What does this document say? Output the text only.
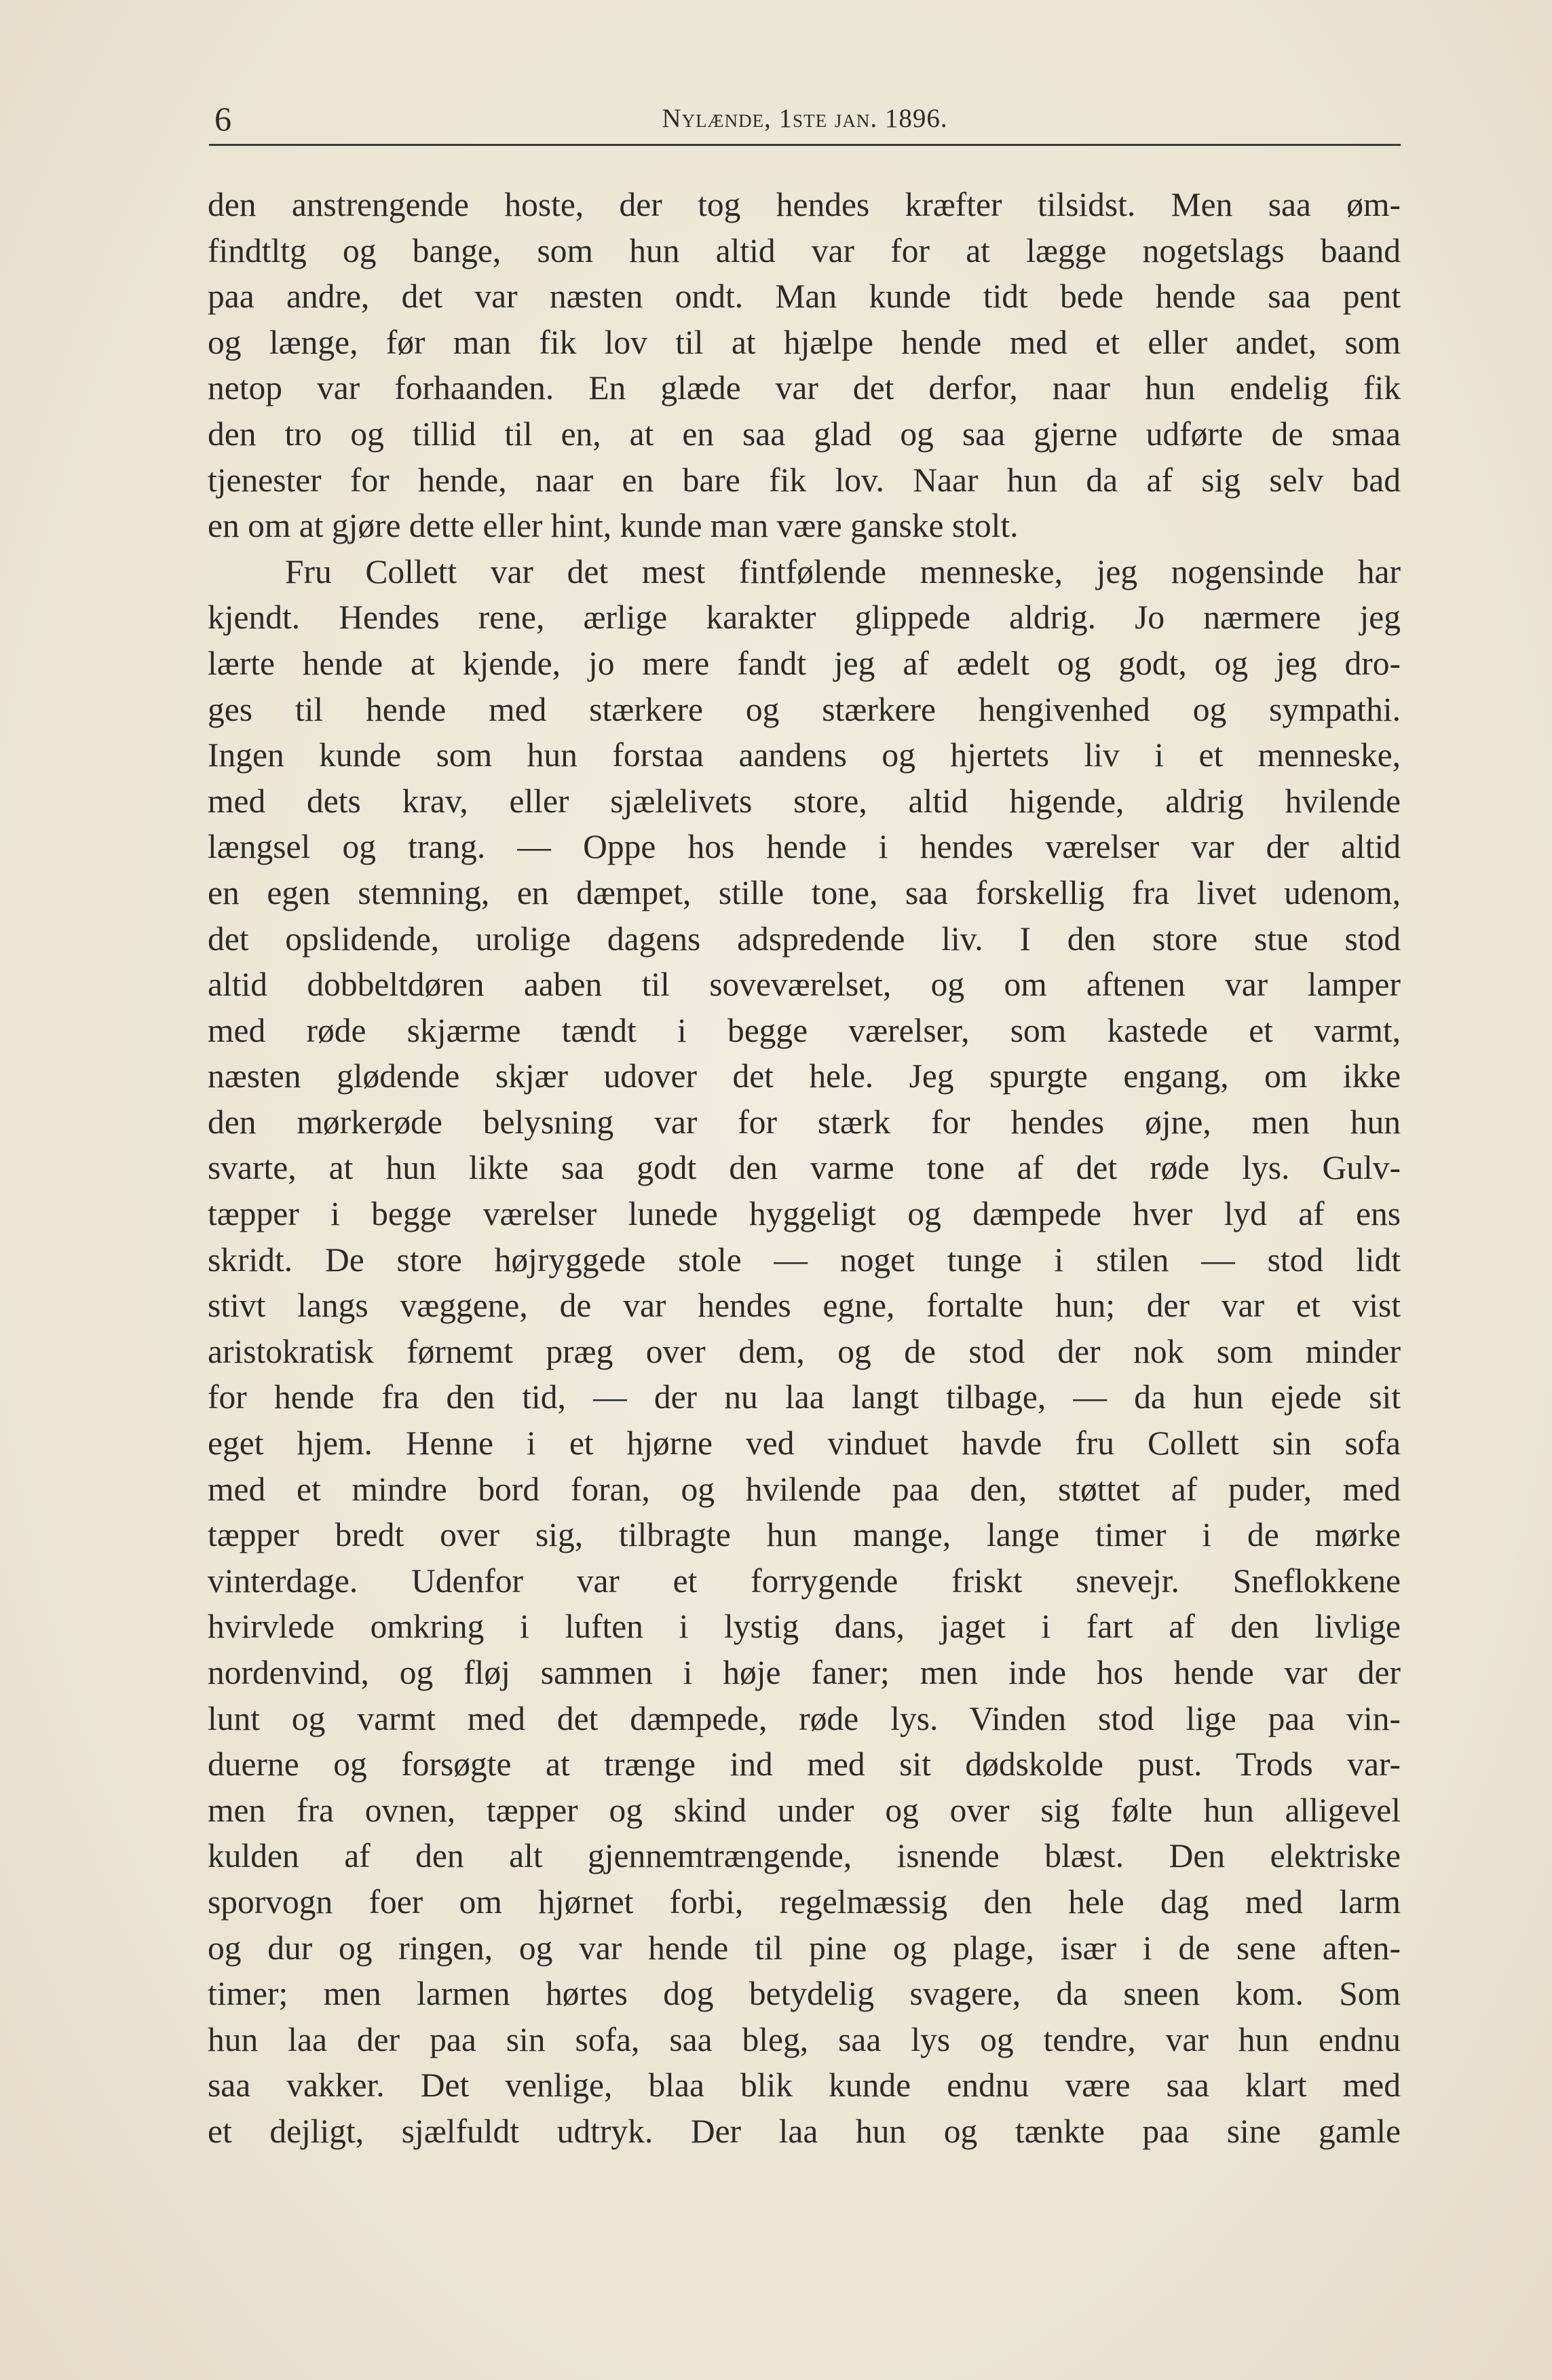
6	Nylænde, 1ste jan. 1896.
den anstrengende hoste, der tog hendes kræfter tilsidst. Men saa øm-
findtltg og bange, som hun altid var for at lægge nogetslags baand
paa andre, det var næsten ondt. Man kunde tidt bede hende saa pent
og længe, før man fik lov til at hjælpe hende med et eller andet, som
netop var forhaanden. En glæde var det derfor, naar hun endelig fik
den tro og tillid til en, at en saa glad og saa gjerne udførte de smaa
tjenester for hende, naar en bare fik lov. Naar hun da af sig selv bad
en om at gjøre dette eller hint, kunde man være ganske stolt.
Fru Collett var det mest fintfølende menneske, jeg nogensinde har
kjendt. Hendes rene, ærlige karakter glippede aldrig. Jo nærmere jeg
lærte hende at kjende, jo mere fandt jeg af ædelt og godt, og jeg dro-
ges til hende med stærkere og stærkere hengivenhed og sympathi.
Ingen kunde som hun forstaa aandens og hjertets liv i et menneske,
med dets krav, eller sjælelivets store, altid higende, aldrig hvilende
længsel og trang. — Oppe hos hende i hendes værelser var der altid
en egen stemning, en dæmpet, stille tone, saa forskellig fra livet udenom,
det opslidende, urolige dagens adspredende liv. I den store stue stod
altid dobbeltdøren aaben til soveværelset, og om aftenen var lamper
med røde skjærme tændt i begge værelser, som kastede et varmt,
næsten glødende skjær udover det hele. Jeg spurgte engang, om ikke
den mørkerøde belysning var for stærk for hendes øjne, men hun
svarte, at hun likte saa godt den varme tone af det røde lys. Gulv-
tæpper i begge værelser lunede hyggeligt og dæmpede hver lyd af ens
skridt. De store højryggede stole — noget tunge i stilen — stod lidt
stivt langs væggene, de var hendes egne, fortalte hun; der var et vist
aristokratisk førnemt præg over dem, og de stod der nok som minder
for hende fra den tid, — der nu laa langt tilbage, — da hun ejede sit
eget hjem. Henne i et hjørne ved vinduet havde fru Collett sin sofa
med et mindre bord foran, og hvilende paa den, støttet af puder, med
tæpper bredt over sig, tilbragte hun mange, lange timer i de mørke
vinterdage. Udenfor var et forrygende friskt snevejr. Sneflokkene
hvirvlede omkring i luften i lystig dans, jaget i fart af den livlige
nordenvind, og fløj sammen i høje faner; men inde hos hende var der
lunt og varmt med det dæmpede, røde lys. Vinden stod lige paa vin-
duerne og forsøgte at trænge ind med sit dødskolde pust. Trods var-
men fra ovnen, tæpper og skind under og over sig følte hun alligevel
kulden af den alt gjennemtrængende, isnende blæst. Den elektriske
sporvogn foer om hjørnet forbi, regelmæssig den hele dag med larm
og dur og ringen, og var hende til pine og plage, især i de sene aften-
timer; men larmen hørtes dog betydelig svagere, da sneen kom. Som
hun laa der paa sin sofa, saa bleg, saa lys og tendre, var hun endnu
saa vakker. Det venlige, blaa blik kunde endnu være saa klart med
et dejligt, sjælfuldt udtryk. Der laa hun og tænkte paa sine gamle
